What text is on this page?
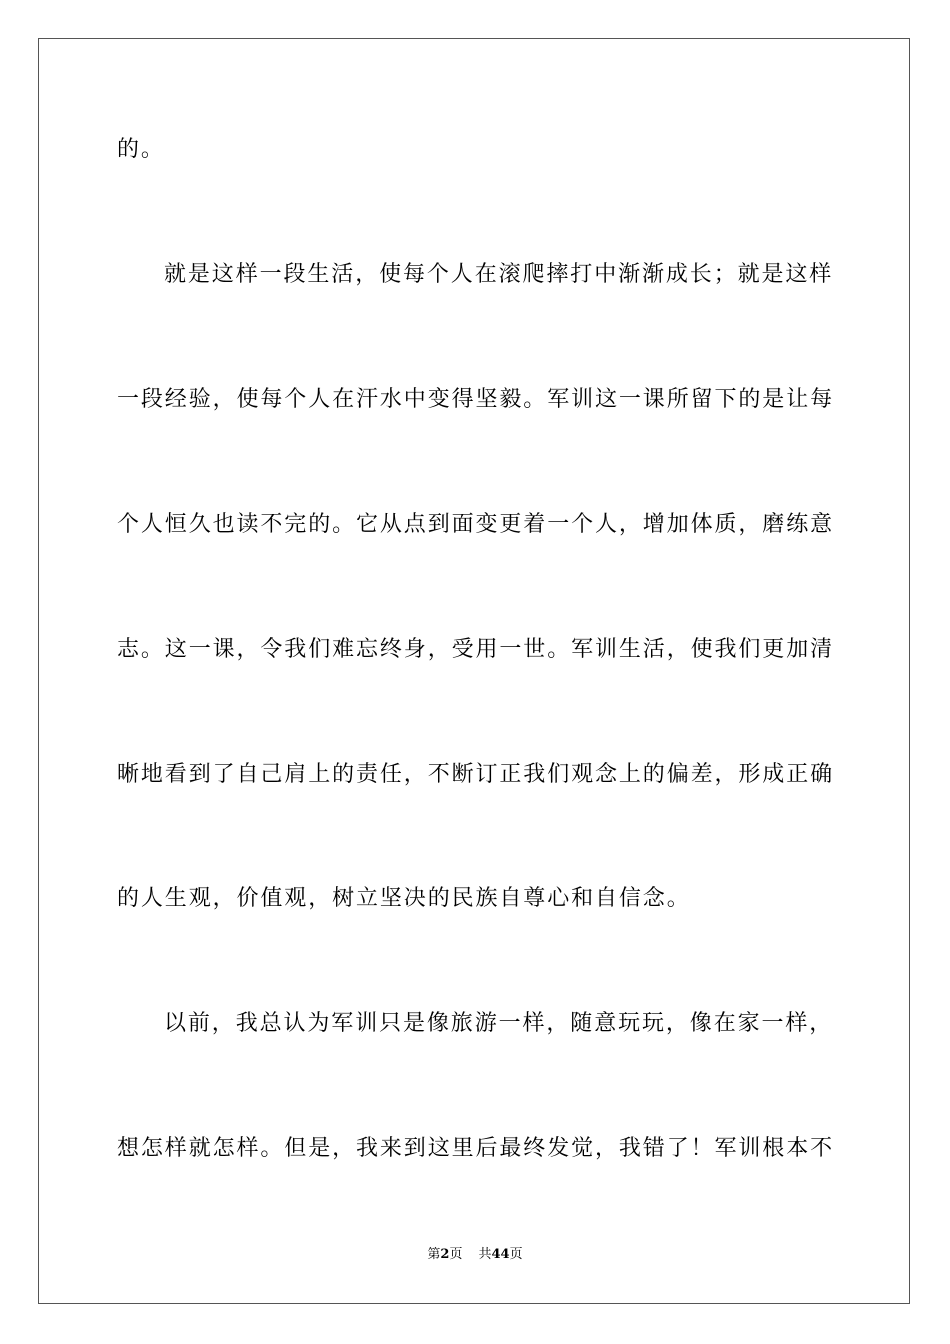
的。
就是这样一段生活，使每个人在滚爬摔打中渐渐成长；就是这样
一段经验，使每个人在汗水中变得坚毅。军训这一课所留下的是让每
个人恒久也读不完的。它从点到面变更着一个人，增加体质，磨练意
志。这一课，令我们难忘终身，受用一世。军训生活，使我们更加清
晰地看到了自己肩上的责任，不断订正我们观念上的偏差，形成正确
的人生观，价值观，树立坚决的民族自尊心和自信念。
以前，我总认为军训只是像旅游一样，随意玩玩，像在家一样，
想怎样就怎样。但是，我来到这里后最终发觉，我错了！军训根本不
第2页 共44页
